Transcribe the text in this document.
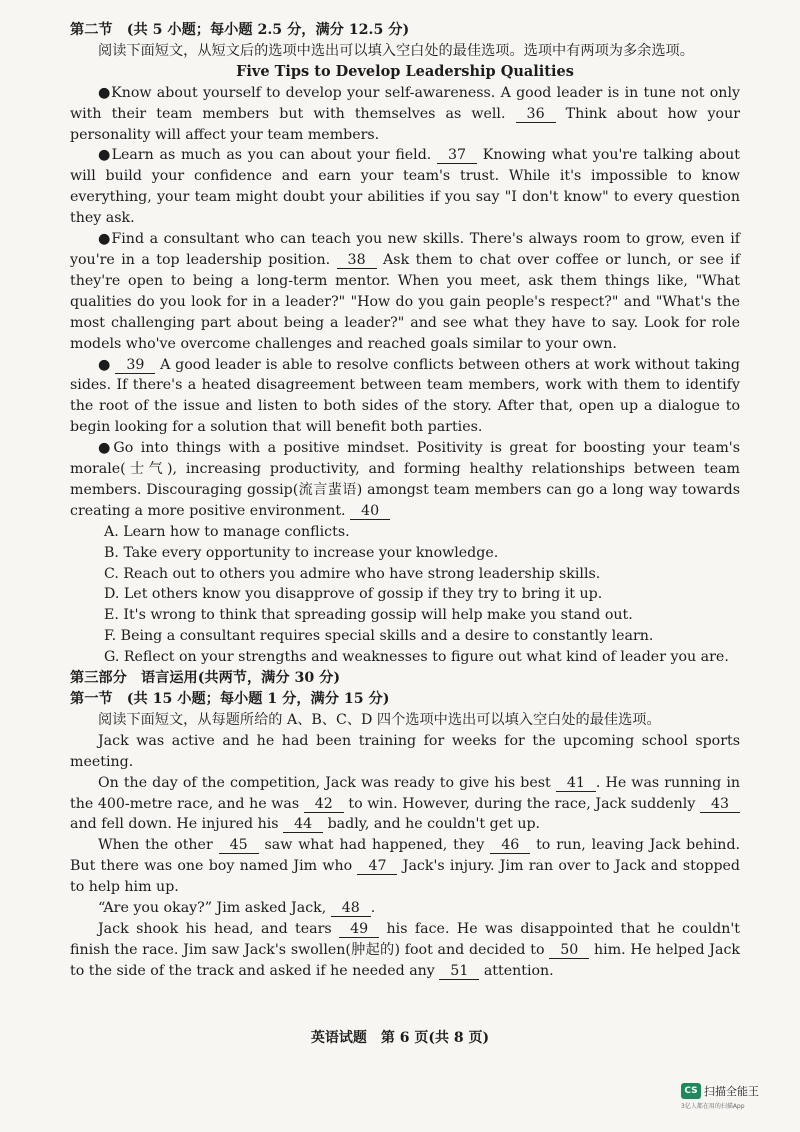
第二节　(共 5 小题；每小题 2.5 分，满分 12.5 分)

阅读下面短文，从短文后的选项中选出可以填入空白处的最佳选项。选项中有两项为多余选项。

Five Tips to Develop Leadership Qualities

●Know about yourself to develop your self-awareness. A good leader is in tune not only with their team members but with themselves as well. 36 Think about how your personality will affect your team members.

●Learn as much as you can about your field. 37 Knowing what you're talking about will build your confidence and earn your team's trust. While it's impossible to know everything, your team might doubt your abilities if you say "I don't know" to every question they ask.

●Find a consultant who can teach you new skills. There's always room to grow, even if you're in a top leadership position. 38 Ask them to chat over coffee or lunch, or see if they're open to being a long-term mentor. When you meet, ask them things like, "What qualities do you look for in a leader?" "How do you gain people's respect?" and "What's the most challenging part about being a leader?" and see what they have to say. Look for role models who've overcome challenges and reached goals similar to your own.

● 39 A good leader is able to resolve conflicts between others at work without taking sides. If there's a heated disagreement between team members, work with them to identify the root of the issue and listen to both sides of the story. After that, open up a dialogue to begin looking for a solution that will benefit both parties.

●Go into things with a positive mindset. Positivity is great for boosting your team's morale(士气), increasing productivity, and forming healthy relationships between team members. Discouraging gossip(流言蜚语) amongst team members can go a long way towards creating a more positive environment. 40

A. Learn how to manage conflicts.

B. Take every opportunity to increase your knowledge.

C. Reach out to others you admire who have strong leadership skills.

D. Let others know you disapprove of gossip if they try to bring it up.

E. It's wrong to think that spreading gossip will help make you stand out.

F. Being a consultant requires special skills and a desire to constantly learn.

G. Reflect on your strengths and weaknesses to figure out what kind of leader you are.

第三部分　语言运用(共两节，满分 30 分)

第一节　(共 15 小题；每小题 1 分，满分 15 分)

阅读下面短文，从每题所给的 A、B、C、D 四个选项中选出可以填入空白处的最佳选项。

Jack was active and he had been training for weeks for the upcoming school sports meeting.

On the day of the competition, Jack was ready to give his best 41 . He was running in the 400-metre race, and he was 42 to win. However, during the race, Jack suddenly 43 and fell down. He injured his 44 badly, and he couldn't get up.

When the other 45 saw what had happened, they 46 to run, leaving Jack behind. But there was one boy named Jim who 47 Jack's injury. Jim ran over to Jack and stopped to help him up.

“Are you okay?” Jim asked Jack, 48 .

Jack shook his head, and tears 49 his face. He was disappointed that he couldn't finish the race. Jim saw Jack's swollen(肿起的) foot and decided to 50 him. He helped Jack to the side of the track and asked if he needed any 51 attention.

英语试题　第 6 页(共 8 页)
CS 扫描全能王
3亿人都在用的扫描App
